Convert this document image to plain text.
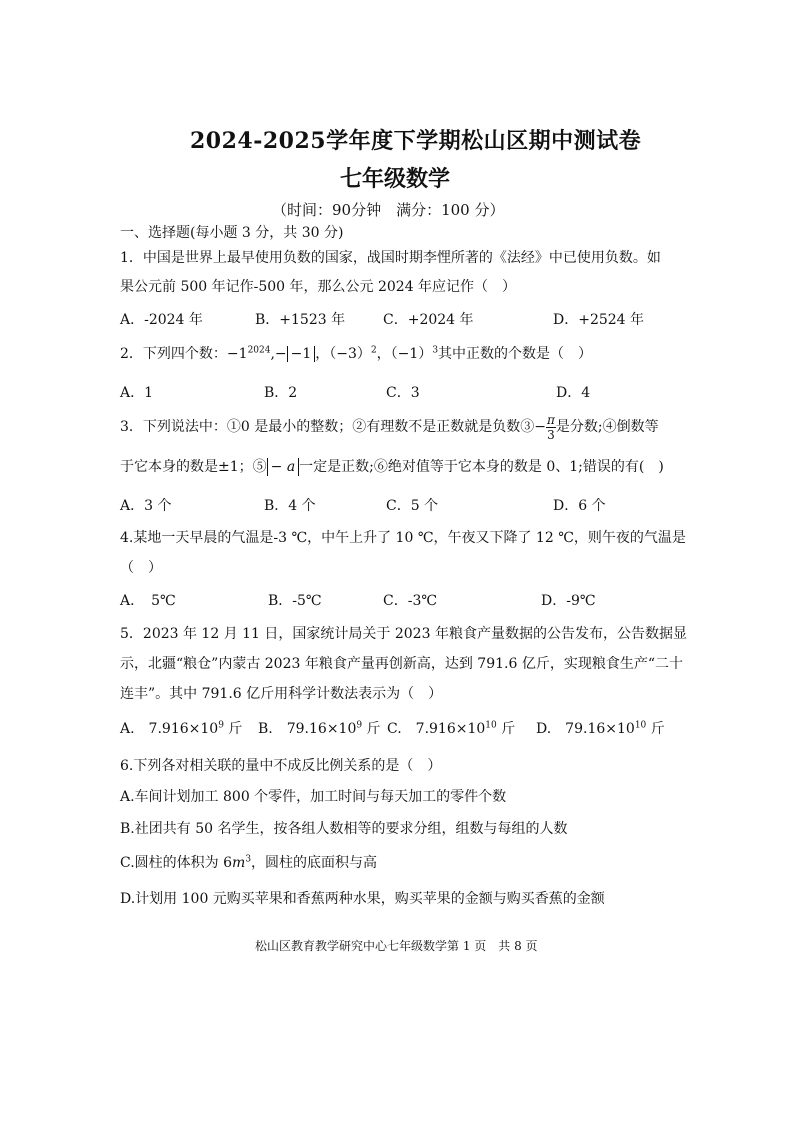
2024-2025学年度下学期松山区期中测试卷
七年级数学
（时间：90分钟　满分：100 分）
一、选择题(每小题 3 分，共 30 分)
1．中国是世界上最早使用负数的国家，战国时期李悝所著的《法经》中已使用负数。如
果公元前 500 年记作-500 年，那么公元 2024 年应记作（　）
A．-2024 年	B．+1523 年	C．+2024 年	D．+2524 年
2．下列四个数：$-1^{2024},- -1$ ，$(-3)^2$，$(-1)^3$其中正数的个数是（　）
A．1	B．2	C．3	D．4
3．下列说法中：①0 是最小的整数；②有理数不是正数就是负数③− $\frac{\pi}{3}$ 是分数;④倒数等
于它本身的数是±1；⑤ − a 一定是正数;⑥绝对值等于它本身的数是 0、1;错误的有(　)
A．3 个	B．4 个	C．5 个	D．6 个
4.某地一天早晨的气温是-3 ℃，中午上升了 10 ℃，午夜又下降了 12 ℃，则午夜的气温是
（　）
A．　5℃	B．-5℃	C．-3℃	D．-9℃
5．2023 年 12 月 11 日，国家统计局关于 2023 年粮食产量数据的公告发布，公告数据显
示，北疆“粮仓”内蒙古 2023 年粮食产量再创新高，达到 791.6 亿斤，实现粮食生产“二十
连丰”。其中 791.6 亿斤用科学计数法表示为（　）
A.　$7.916\times 10^9$ 斤 B.　$79.16\times 10^9$ 斤 C.　$7.916\times 10^{10}$ 斤 D.　$79.16\times 10^{10}$ 斤
6.下列各对相关联的量中不成反比例关系的是（　）
A.车间计划加工 800 个零件，加工时间与每天加工的零件个数
B.社团共有 50 名学生，按各组人数相等的要求分组，组数与每组的人数
C.圆柱的体积为 $6m^3$，圆柱的底面积与高
D.计划用 100 元购买苹果和香蕉两种水果，购买苹果的金额与购买香蕉的金额
松山区教育教学研究中心七年级数学第 1 页　共 8 页
